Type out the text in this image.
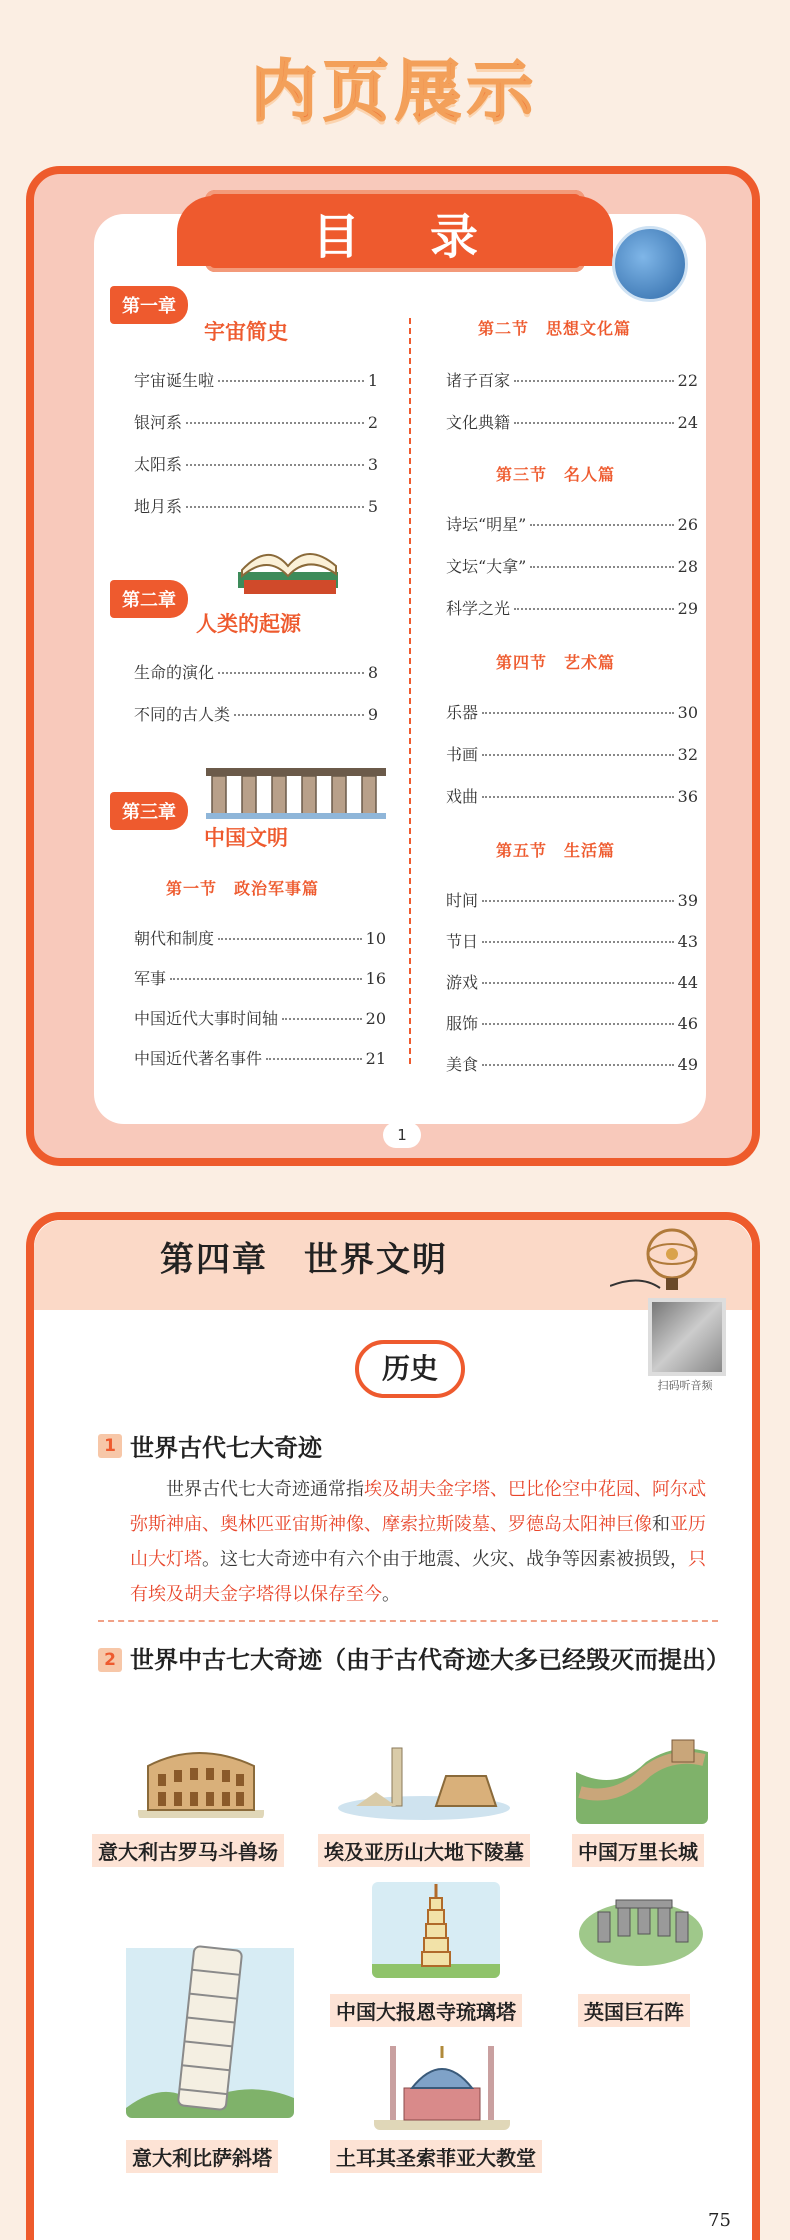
内页展示
目录
第一章
宇宙简史
宇宙诞生啦	1
银河系	2
太阳系	3
地月系	5
第二章
人类的起源
生命的演化	8
不同的古人类	9
第三章
中国文明
第一节　政治军事篇
朝代和制度	10
军事	16
中国近代大事时间轴	20
中国近代著名事件	21
第二节　思想文化篇
诸子百家	22
文化典籍	24
第三节　名人篇
诗坛“明星”	26
文坛“大拿”	28
科学之光	29
第四节　艺术篇
乐器	30
书画	32
戏曲	36
第五节　生活篇
时间	39
节日	43
游戏	44
服饰	46
美食	49
1
第四章　世界文明
扫码听音频
历史
1 世界古代七大奇迹
　　世界古代七大奇迹通常指埃及胡夫金字塔、巴比伦空中花园、阿尔忒弥斯神庙、奥林匹亚宙斯神像、摩索拉斯陵墓、罗德岛太阳神巨像和亚历山大灯塔。这七大奇迹中有六个由于地震、火灾、战争等因素被损毁，只有埃及胡夫金字塔得以保存至今。
2 世界中古七大奇迹（由于古代奇迹大多已经毁灭而提出）
意大利古罗马斗兽场	埃及亚历山大地下陵墓	中国万里长城
中国大报恩寺琉璃塔	英国巨石阵
意大利比萨斜塔	土耳其圣索菲亚大教堂
75
